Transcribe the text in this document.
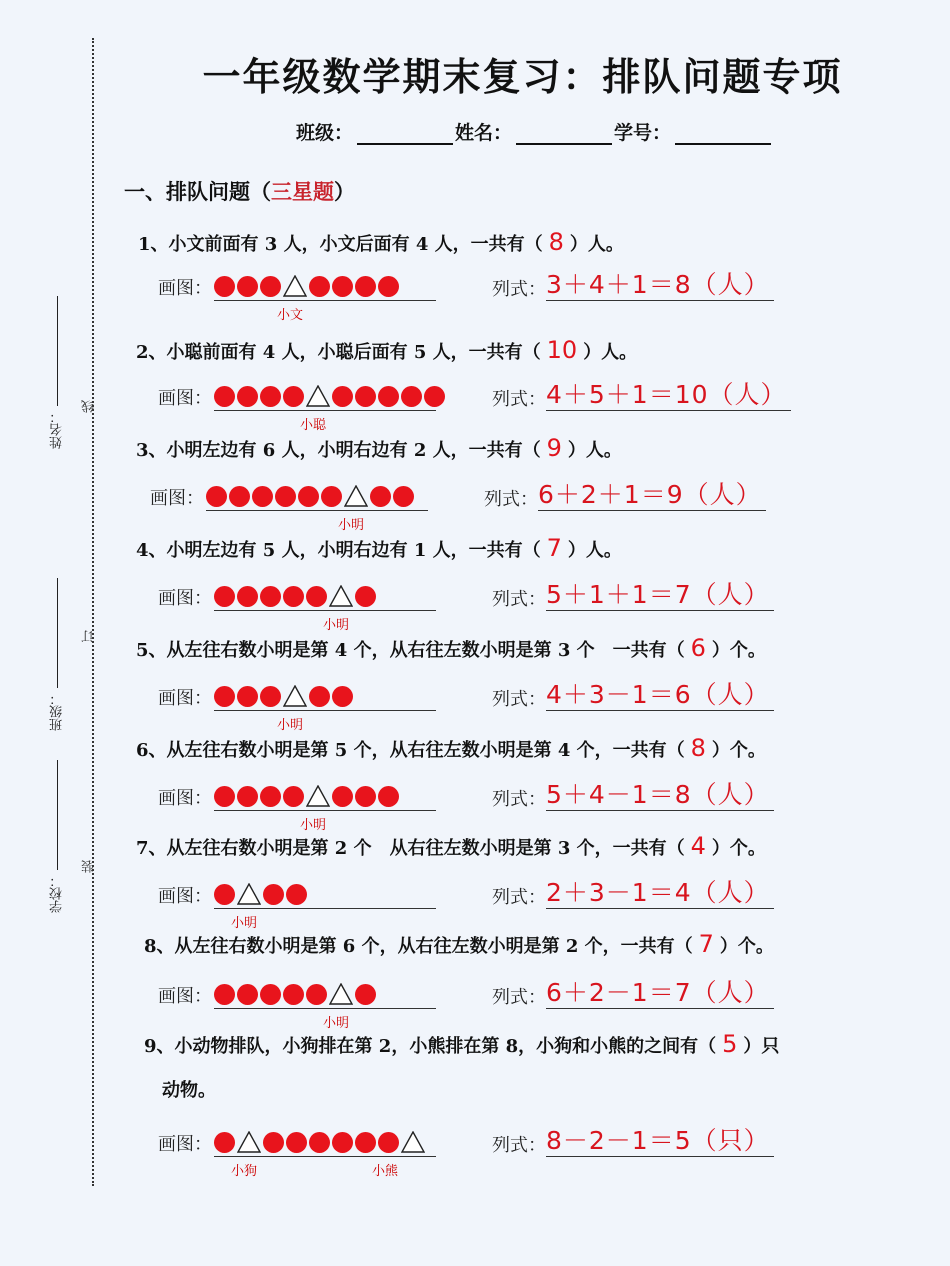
姓名：
班级：
学校：
线
订
装
一年级数学期末复习：排队问题专项
班级：	姓名：	学号：
一、排队问题（三星题）
1、小文前面有 3 人，小文后面有 4 人，一共有（ 8 ）人。
画图：
小文
列式： 3＋4＋1＝8（人）
2、小聪前面有 4 人，小聪后面有 5 人，一共有（ 10 ）人。
画图：
小聪
列式： 4＋5＋1＝10（人）
3、小明左边有 6 人，小明右边有 2 人，一共有（ 9 ）人。
画图：
小明
列式： 6＋2＋1＝9（人）
4、小明左边有 5 人，小明右边有 1 人，一共有（ 7 ）人。
画图：
小明
列式： 5＋1＋1＝7（人）
5、从左往右数小明是第 4 个，从右往左数小明是第 3 个　一共有（ 6 ）个。
画图：
小明
列式： 4＋3－1＝6（人）
6、从左往右数小明是第 5 个，从右往左数小明是第 4 个，一共有（ 8 ）个。
画图：
小明
列式： 5＋4－1＝8（人）
7、从左往右数小明是第 2 个　从右往左数小明是第 3 个，一共有（ 4 ）个。
画图：
小明
列式： 2＋3－1＝4（人）
8、从左往右数小明是第 6 个，从右往左数小明是第 2 个，一共有（ 7 ）个。
画图：
小明
列式： 6＋2－1＝7（人）
9、小动物排队，小狗排在第 2，小熊排在第 8，小狗和小熊的之间有（ 5 ）只
动物。
画图：
小狗	小熊
列式： 8－2－1＝5（只）
